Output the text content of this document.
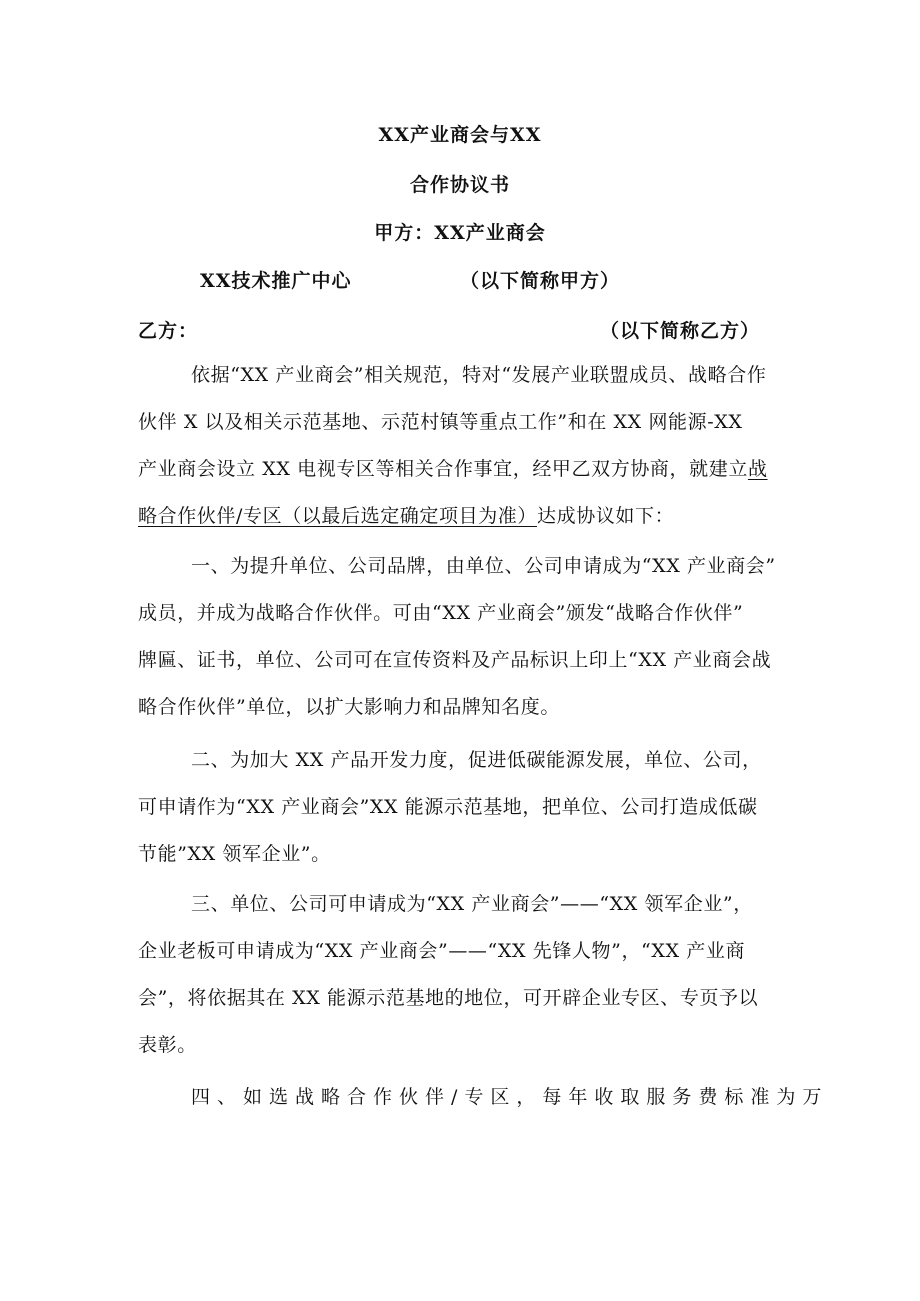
XX产业商会与XX
合作协议书
甲方：XX产业商会
XX技术推广中心	（以下简称甲方）
乙方：	（以下简称乙方）
依据“XX 产业商会”相关规范，特对“发展产业联盟成员、战略合作
伙伴 X 以及相关示范基地、示范村镇等重点工作”和在 XX 网能源-XX
产业商会设立 XX 电视专区等相关合作事宜，经甲乙双方协商，就建立战
略合作伙伴/专区（以最后选定确定项目为准）达成协议如下：
一、为提升单位、公司品牌，由单位、公司申请成为“XX 产业商会”
成员，并成为战略合作伙伴。可由“XX 产业商会”颁发“战略合作伙伴”
牌匾、证书，单位、公司可在宣传资料及产品标识上印上“XX 产业商会战
略合作伙伴”单位，以扩大影响力和品牌知名度。
二、为加大 XX 产品开发力度，促进低碳能源发展，单位、公司，
可申请作为“XX 产业商会”XX 能源示范基地，把单位、公司打造成低碳
节能”XX 领军企业”。
三、单位、公司可申请成为“XX 产业商会”——“XX 领军企业”，
企业老板可申请成为“XX 产业商会”——“XX 先锋人物”，“XX 产业商
会”，将依据其在 XX 能源示范基地的地位，可开辟企业专区、专页予以
表彰。
四、如选战略合作伙伴/专区，每年收取服务费标准为万
